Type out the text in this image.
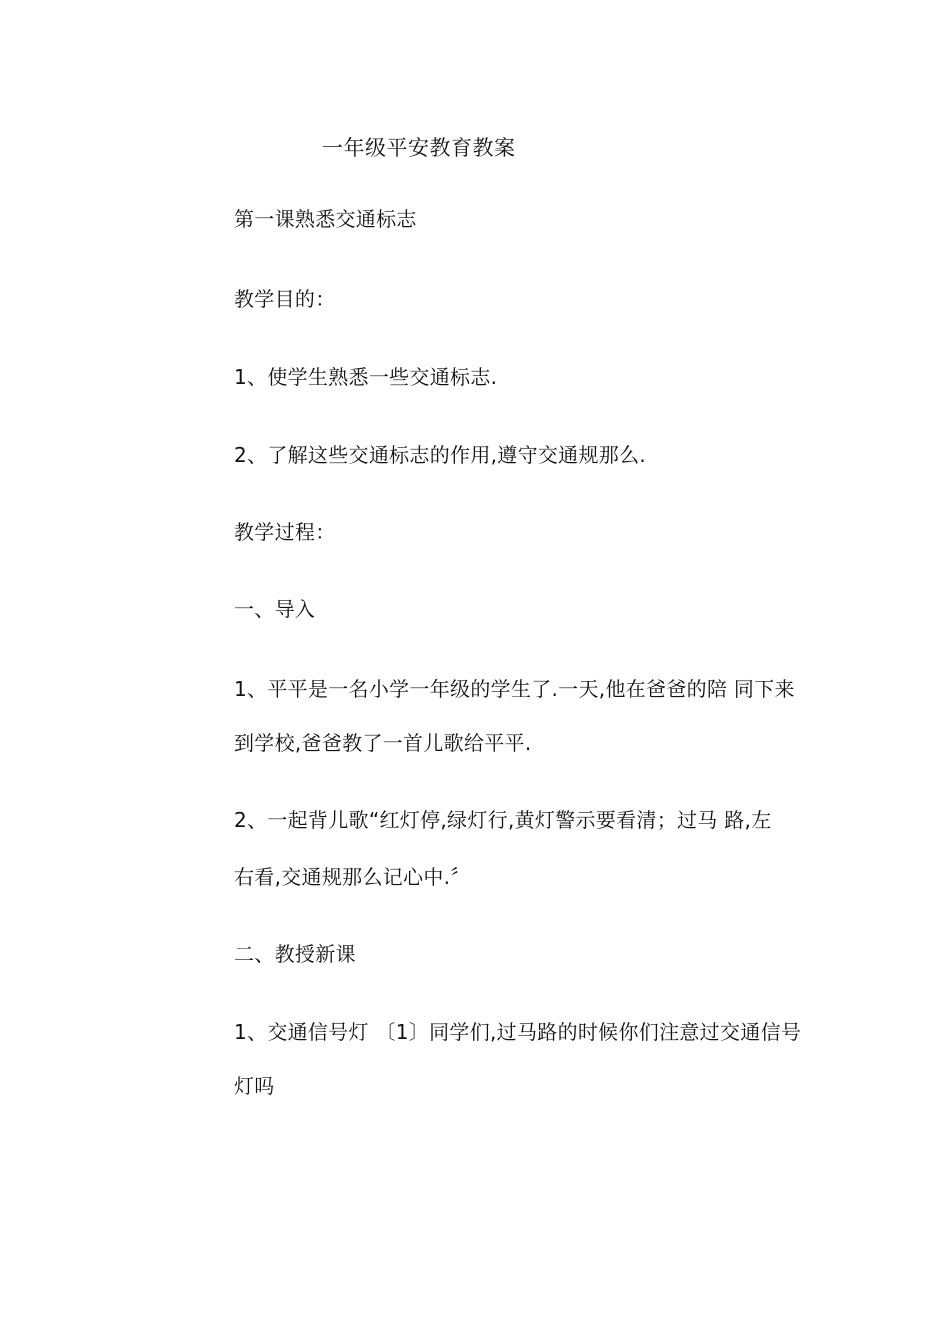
一年级平安教育教案
第一课熟悉交通标志
教学目的：
1、使学生熟悉一些交通标志.
2、了解这些交通标志的作用,遵守交通规那么.
教学过程：
一、导入
1、平平是一名小学一年级的学生了.一天,他在爸爸的陪 同下来
到学校,爸爸教了一首儿歌给平平.
2、一起背儿歌“红灯停,绿灯行,黄灯警示要看清；过马 路,左
右看,交通规那么记心中.〞
二、教授新课
1、交通信号灯 〔1〕同学们,过马路的时候你们注意过交通信号
灯吗
